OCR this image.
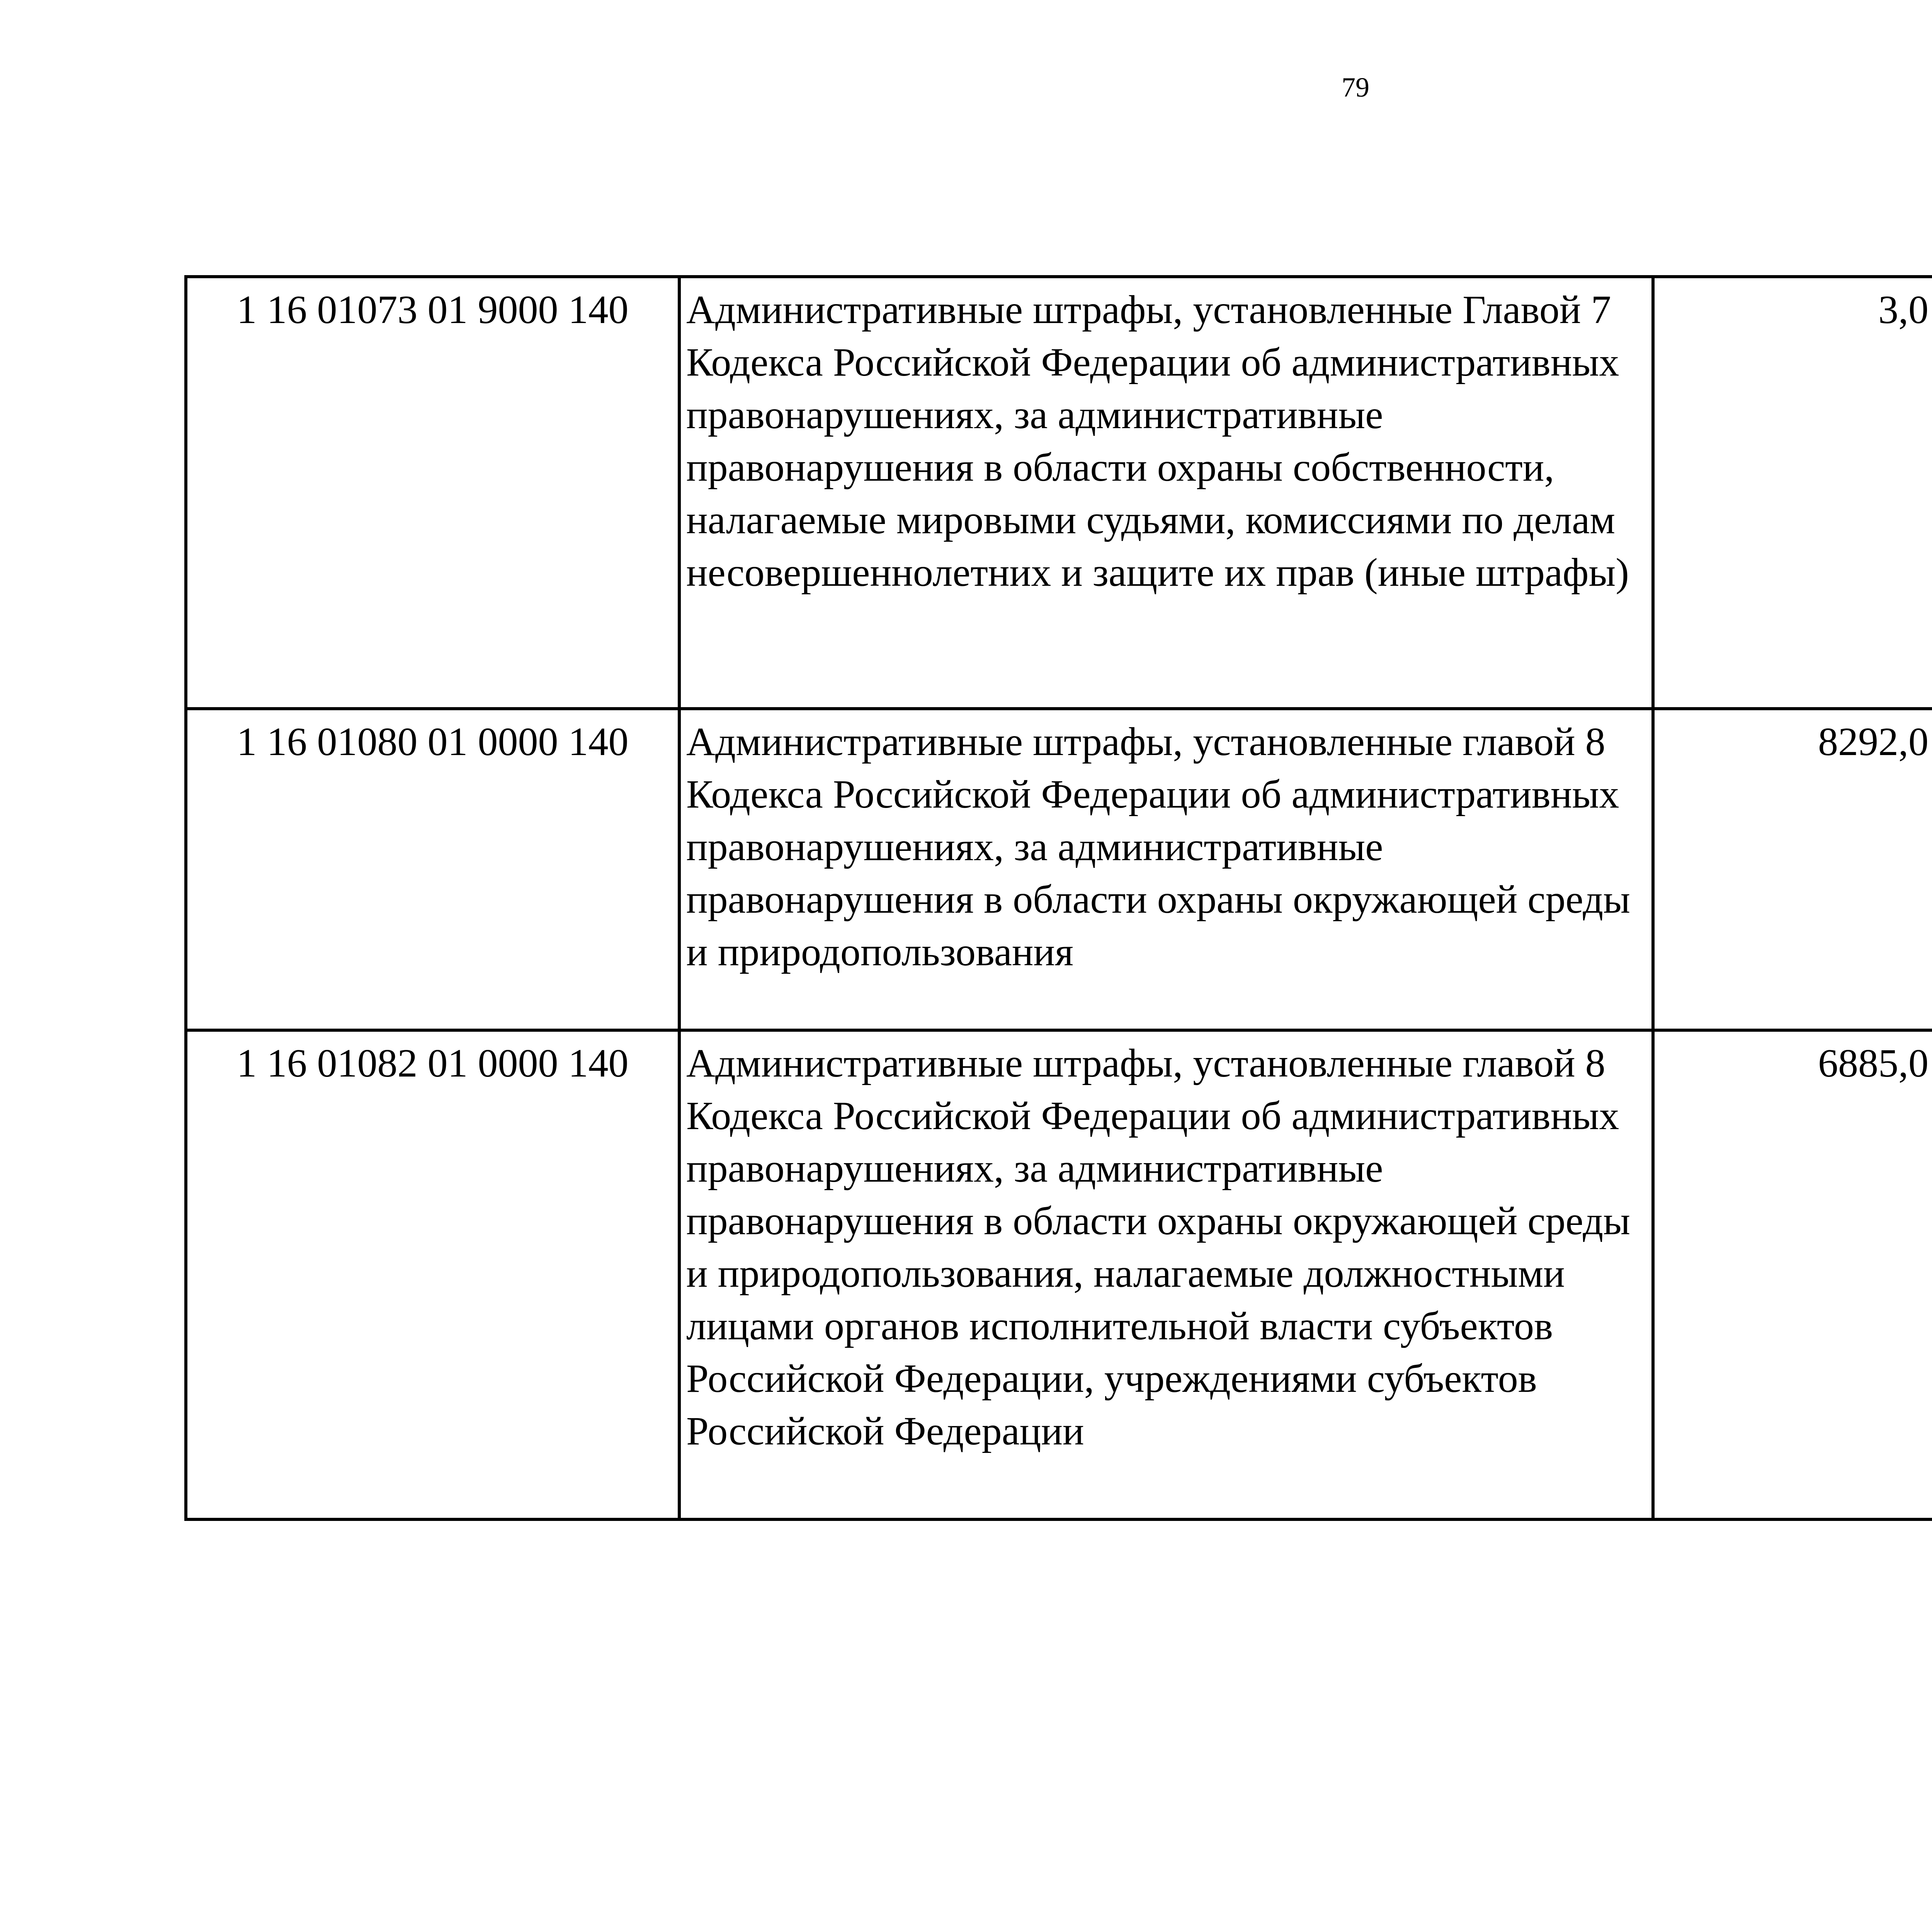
79
1 16 01073 01 9000 140	Административные штрафы, установленные Главой 7 Кодекса Российской Федерации об административных правонарушениях, за административные правонарушения в области охраны собственности, налагаемые мировыми судьями, комиссиями по делам несовершеннолетних и защите их прав (иные штрафы)	3,0		
1 16 01080 01 0000 140	Административные штрафы, установленные главой 8 Кодекса Российской Федерации об административных правонарушениях, за административные правонарушения в области охраны окружающей среды и природопользования	8292,0		
1 16 01082 01 0000 140	Административные штрафы, установленные главой 8 Кодекса Российской Федерации об административных правонарушениях, за административные правонарушения в области охраны окружающей среды и природопользования, налагаемые должностными лицами органов исполнительной власти субъектов Российской Федерации, учреждениями субъектов Российской Федерации	6885,0		
